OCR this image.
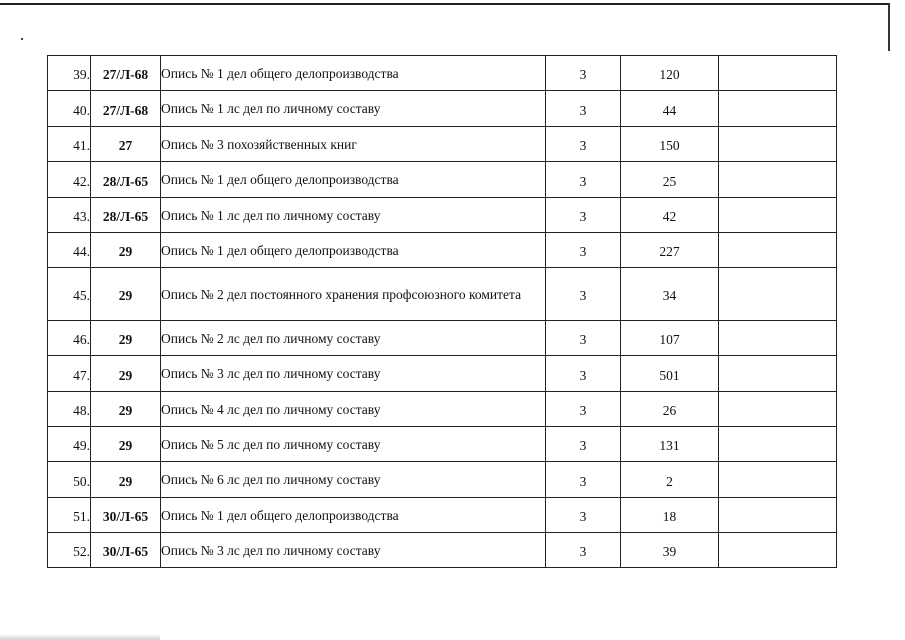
39.	27/Л-68	Опись № 1 дел общего делопроизводства	3	120	
40.	27/Л-68	Опись № 1 лс дел по личному составу	3	44	
41.	27	Опись № 3 похозяйственных книг	3	150	
42.	28/Л-65	Опись № 1 дел общего делопроизводства	3	25	
43.	28/Л-65	Опись № 1 лс дел по личному составу	3	42	
44.	29	Опись № 1 дел общего делопроизводства	3	227	
45.	29	Опись № 2 дел постоянного хранения профсоюзного комитета	3	34	
46.	29	Опись № 2 лс дел по личному составу	3	107	
47.	29	Опись № 3 лс дел по личному составу	3	501	
48.	29	Опись № 4 лс дел по личному составу	3	26	
49.	29	Опись № 5 лс дел по личному составу	3	131	
50.	29	Опись № 6 лс дел по личному составу	3	2	
51.	30/Л-65	Опись № 1 дел общего делопроизводства	3	18	
52.	30/Л-65	Опись № 3 лс дел по личному составу	3	39	
